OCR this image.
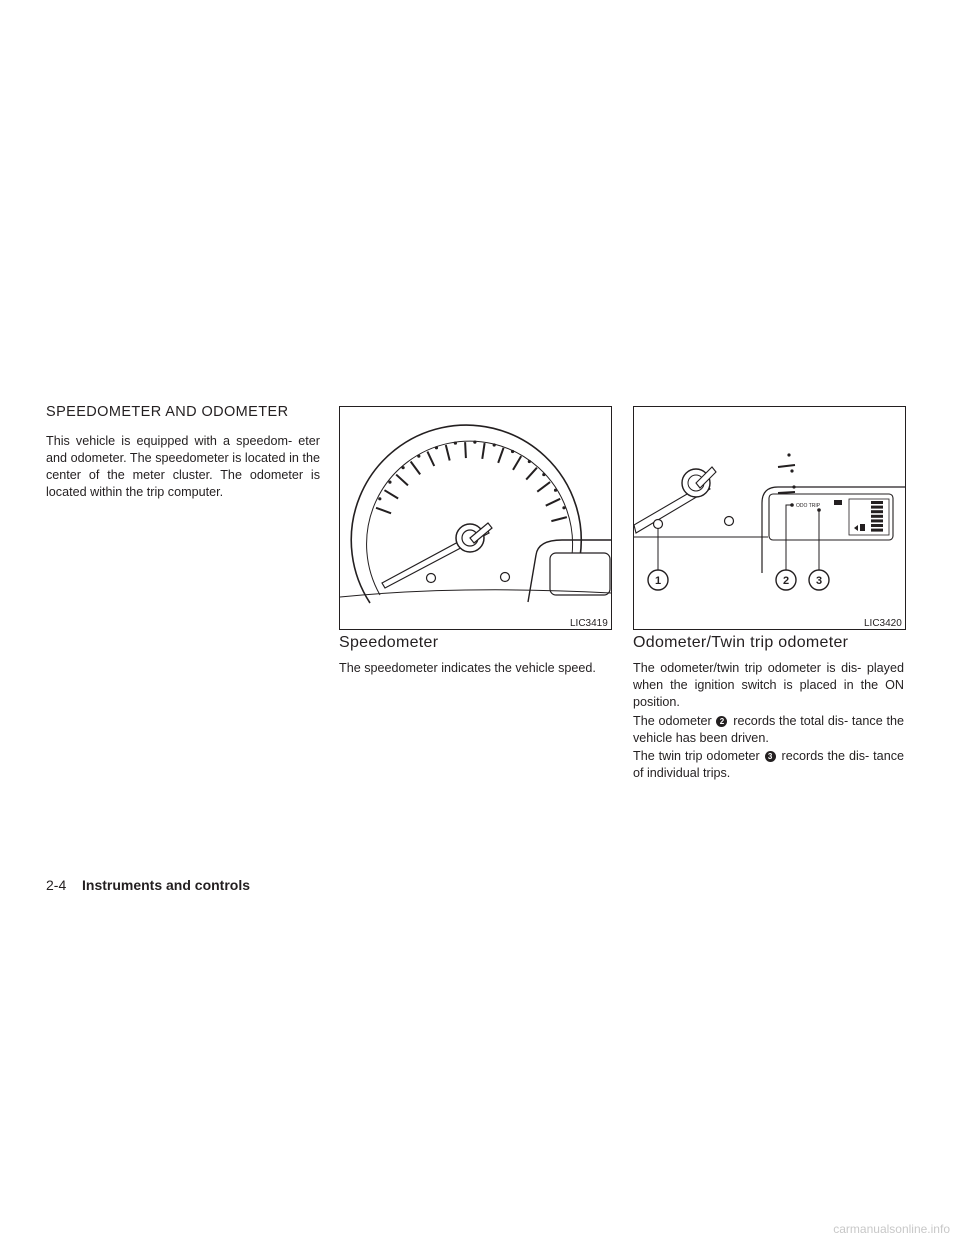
SPEEDOMETER AND ODOMETER

This vehicle is equipped with a speedom- eter and odometer. The speedometer is located in the center of the meter cluster. The odometer is located within the trip computer.

LIC3419
1	2 3
ODO TRIP
LIC3420
Speedometer

The speedometer indicates the vehicle speed.

Odometer/Twin trip odometer

The odometer/twin trip odometer is dis- played when the ignition switch is placed in the ON position.

The odometer 2 records the total dis- tance the vehicle has been driven.

The twin trip odometer 3 records the dis- tance of individual trips.

2-4 Instruments and controls
carmanualsonline.info
